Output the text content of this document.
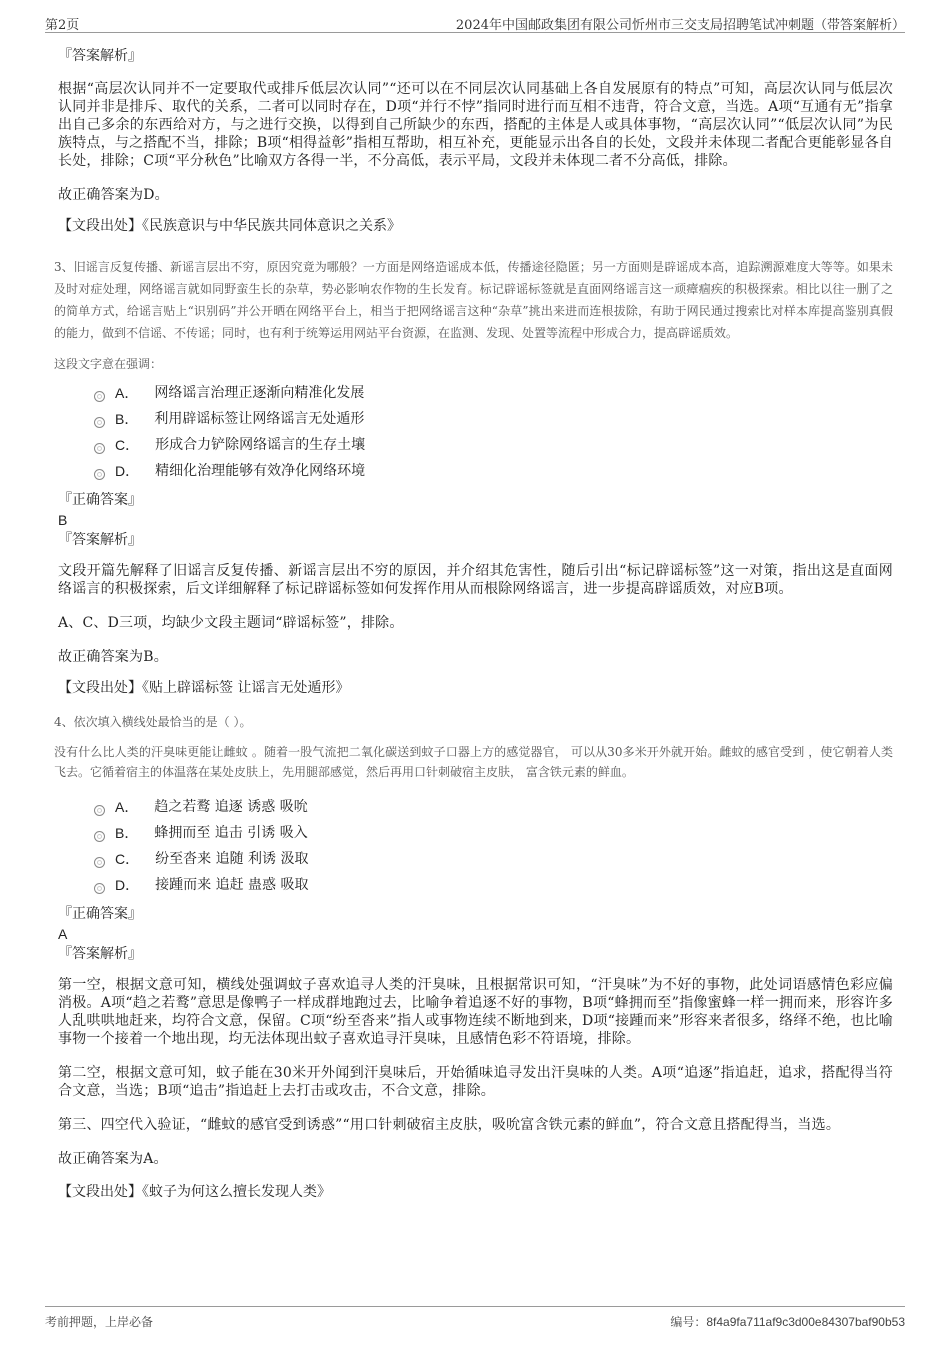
第2页	2024年中国邮政集团有限公司忻州市三交支局招聘笔试冲刺题（带答案解析）

『答案解析』

根据“高层次认同并不一定要取代或排斥低层次认同”“还可以在不同层次认同基础上各自发展原有的特点”可知，高层次认同与低层次认同并非是排斥、取代的关系，二者可以同时存在，D项“并行不悖”指同时进行而互相不违背，符合文意，当选。A项“互通有无”指拿出自己多余的东西给对方，与之进行交换，以得到自己所缺少的东西，搭配的主体是人或具体事物，“高层次认同”“低层次认同”为民族特点，与之搭配不当，排除；B项“相得益彰”指相互帮助，相互补充，更能显示出各自的长处，文段并未体现二者配合更能彰显各自长处，排除；C项“平分秋色”比喻双方各得一半，不分高低，表示平局，文段并未体现二者不分高低，排除。

故正确答案为D。

【文段出处】《民族意识与中华民族共同体意识之关系》

3、旧谣言反复传播、新谣言层出不穷，原因究竟为哪般？一方面是网络造谣成本低，传播途径隐匿；另一方面则是辟谣成本高，追踪溯源难度大等等。如果未及时对症处理，网络谣言就如同野蛮生长的杂草，势必影响农作物的生长发育。标记辟谣标签就是直面网络谣言这一顽瘴痼疾的积极探索。相比以往一删了之的简单方式，给谣言贴上“识别码”并公开晒在网络平台上，相当于把网络谣言这种“杂草”挑出来进而连根拔除，有助于网民通过搜索比对样本库提高鉴别真假的能力，做到不信谣、不传谣；同时，也有利于统筹运用网站平台资源，在监测、发现、处置等流程中形成合力，提高辟谣质效。

这段文字意在强调：

A． 网络谣言治理正逐渐向精准化发展
B． 利用辟谣标签让网络谣言无处遁形
C． 形成合力铲除网络谣言的生存土壤
D． 精细化治理能够有效净化网络环境

『正确答案』

B

『答案解析』

文段开篇先解释了旧谣言反复传播、新谣言层出不穷的原因，并介绍其危害性，随后引出“标记辟谣标签”这一对策，指出这是直面网络谣言的积极探索，后文详细解释了标记辟谣标签如何发挥作用从而根除网络谣言，进一步提高辟谣质效，对应B项。

A、C、D三项，均缺少文段主题词“辟谣标签”，排除。

故正确答案为B。

【文段出处】《贴上辟谣标签 让谣言无处遁形》

4、依次填入横线处最恰当的是（ ）。

没有什么比人类的汗臭味更能让雌蚊 。随着一股气流把二氧化碳送到蚊子口器上方的感觉器官， 可以从30多米开外就开始。雌蚊的感官受到 ，使它朝着人类飞去。它循着宿主的体温落在某处皮肤上，先用腿部感觉，然后再用口针刺破宿主皮肤， 富含铁元素的鲜血。

A． 趋之若鹜 追逐 诱惑 吸吮
B． 蜂拥而至 追击 引诱 吸入
C． 纷至沓来 追随 利诱 汲取
D． 接踵而来 追赶 蛊惑 吸取

『正确答案』

A

『答案解析』

第一空，根据文意可知，横线处强调蚊子喜欢追寻人类的汗臭味，且根据常识可知，“汗臭味”为不好的事物，此处词语感情色彩应偏消极。A项“趋之若鹜”意思是像鸭子一样成群地跑过去，比喻争着追逐不好的事物，B项“蜂拥而至”指像蜜蜂一样一拥而来，形容许多人乱哄哄地赶来，均符合文意，保留。C项“纷至沓来”指人或事物连续不断地到来，D项“接踵而来”形容来者很多，络绎不绝，也比喻事物一个接着一个地出现，均无法体现出蚊子喜欢追寻汗臭味，且感情色彩不符语境，排除。

第二空，根据文意可知，蚊子能在30米开外闻到汗臭味后，开始循味追寻发出汗臭味的人类。A项“追逐”指追赶，追求，搭配得当符合文意，当选；B项“追击”指追赶上去打击或攻击，不合文意，排除。

第三、四空代入验证，“雌蚊的感官受到诱惑”“用口针刺破宿主皮肤，吸吮富含铁元素的鲜血”，符合文意且搭配得当，当选。

故正确答案为A。

【文段出处】《蚊子为何这么擅长发现人类》

考前押题，上岸必备	编号：8f4a9fa711af9c3d00e84307baf90b53
